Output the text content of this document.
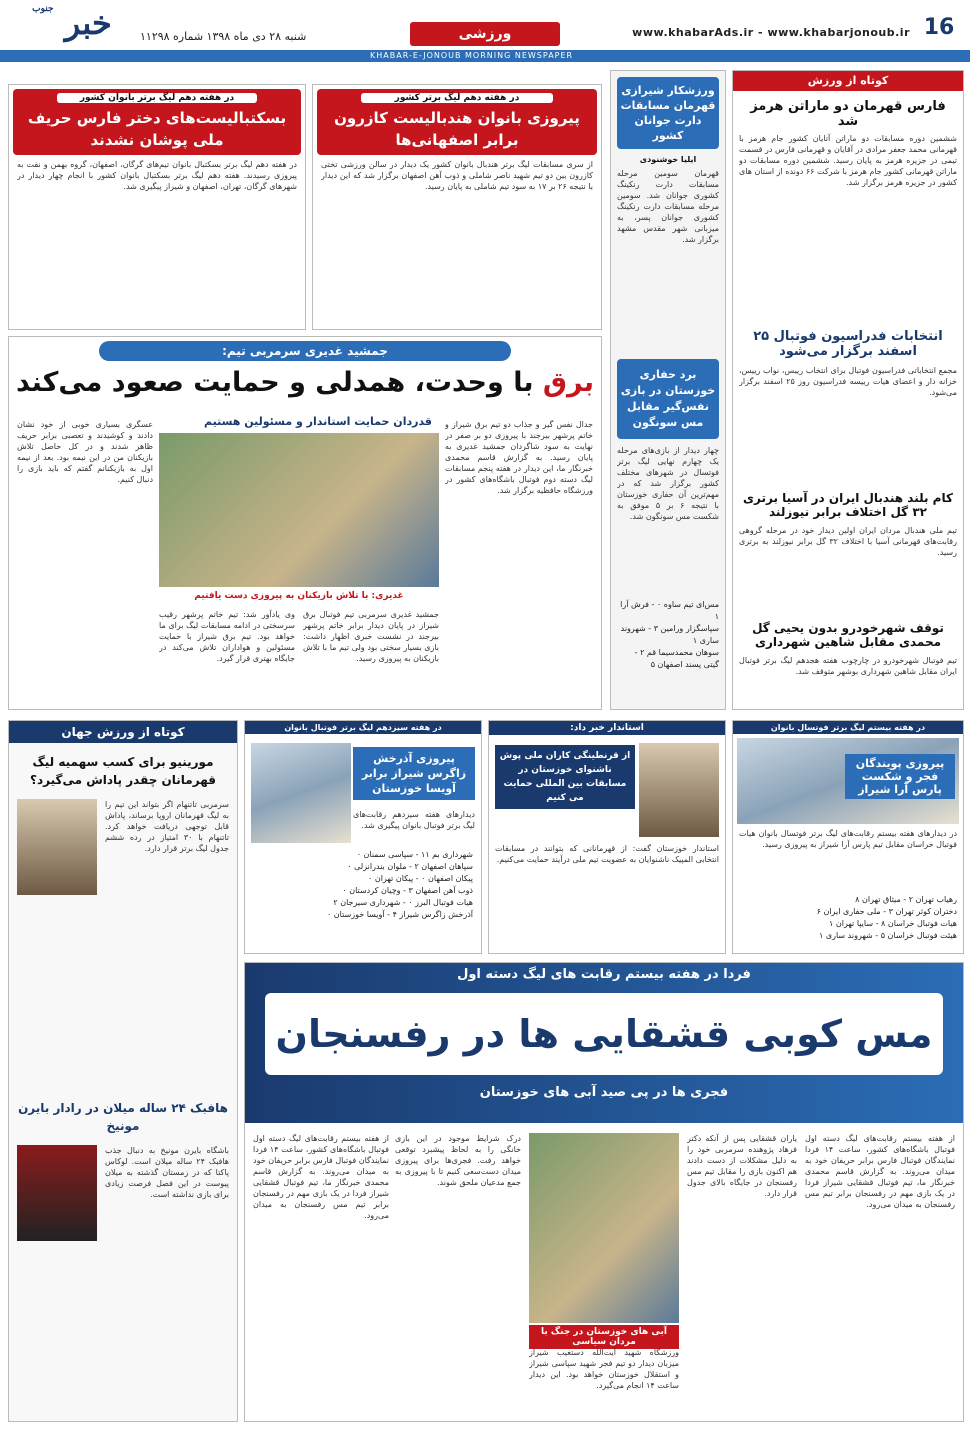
16
www.khabarAds.ir - www.khabarjonoub.ir
ورزشی
خبر $^{جنوب}$
شنبه ۲۸ دی ماه ۱۳۹۸ شماره ۱۱۲۹۸
KHABAR-E-JONOUB MORNING NEWSPAPER
کوتاه از ورزش
فارس قهرمان دو ماراتن هرمز شد
ششمین دوره مسابقات دو ماراتن آتایان کشور جام هرمز با قهرمانی محمد جعفر مرادی در آقایان و قهرمانی فارس در قسمت تیمی در جزیره هرمز به پایان رسید. ششمین دوره مسابقات دو ماراتن قهرمانی کشور جام هرمز با شرکت ۶۶ دونده از استان های کشور در جزیره هرمز برگزار شد.
انتخابات فدراسیون فوتبال ۲۵ اسفند برگزار می‌شود
مجمع انتخاباتی فدراسیون فوتبال برای انتخاب رییس، نواب رییس، خزانه دار و اعضای هیات رییسه فدراسیون روز ۲۵ اسفند برگزار می‌شود.
کام بلند هندبال ایران در آسیا برتری ۳۲ گل اختلاف برابر نیوزلند
تیم ملی هندبال مردان ایران اولین دیدار خود در مرحله گروهی رقابت‌های قهرمانی آسیا با اختلاف ۳۲ گل برابر نیوزلند به برتری رسید.
توقف شهرخودرو بدون یحیی گل محمدی مقابل شاهین شهرداری
تیم فوتبال شهرخودرو در چارچوب هفته هجدهم لیگ برتر فوتبال ایران مقابل شاهین شهرداری بوشهر متوقف شد.
ورزشکار شیرازی قهرمان مسابقات دارت جوانان کشور
ایلیا خوشنودی
قهرمان سومین مرحله مسابقات دارت رنکینگ کشوری جوانان شد. سومین مرحله مسابقات دارت رنکینگ کشوری جوانان پسر، به میزبانی شهر مقدس مشهد برگزار شد.
برد حفاری خوزستان در بازی نفس‌گیر مقابل مس سونگون
چهار دیدار از بازی‌های مرحله یک چهارم نهایی لیگ برتر فوتسال در شهرهای مختلف کشور برگزار شد که در مهم‌ترین آن حفاری خوزستان با نتیجه ۶ بر ۵ موفق به شکست مس سونگون شد.
مس‌ای تیم ساوه ۰ - فرش آرا ۱
سپاسگزار ورامین ۳ - شهروند ساری ۱
سوهان محمدسیما قم ۲ - گیتی پسند اصفهان ۵
در هفته دهم لیگ برتر کشور
پیروزی بانوان هندبالیست کازرون برابر اصفهانی‌ها
از سری مسابقات لیگ برتر هندبال بانوان کشور یک دیدار در سالن ورزشی تختی کازرون بین دو تیم شهید ناصر شاملی و ذوب آهن اصفهان برگزار شد که این دیدار با نتیجه ۲۶ بر ۱۷ به سود تیم شاملی به پایان رسید.
در هفته دهم لیگ برتر بانوان کشور
بسکتبالیست‌های دختر فارس حریف ملی پوشان نشدند
در هفته دهم لیگ برتر بسکتبال بانوان تیم‌های گرگان، اصفهان، گروه بهمن و نفت به پیروزی رسیدند. هفته دهم لیگ برتر بسکتبال بانوان کشور با انجام چهار دیدار در شهرهای گرگان، تهران، اصفهان و شیراز پیگیری شد.
جمشید غدیری سرمربی تیم:
برق با وحدت، همدلی و حمایت صعود می‌کند
قدردان حمایت استاندار و مسئولین هستیم
غدیری: با تلاش بازیکنان به پیروزی دست یافتیم
جدال نفس گیر و جذاب دو تیم برق شیراز و خاتم پرشهر بیرجند با پیروزی دو بر صفر در نهایت به سود شاگردان جمشید غدیری به پایان رسید. به گزارش قاسم محمدی خبرنگار ما، این دیدار در هفته پنجم مسابقات لیگ دسته دوم فوتبال باشگاه‌های کشور در ورزشگاه حافظیه برگزار شد.
عسگری بسیاری خوبی از خود نشان دادند و کوشیدند و تعصبی برابر حریف ظاهر شدند و در کل حاصل تلاش بازیکنان من در این نیمه بود. بعد از نیمه اول به بازیکنانم گفتم که باید بازی را دنبال کنیم.
وی یادآور شد: تیم خاتم پرشهر رقیب سرسختی در ادامه مسابقات لیگ برای ما خواهد بود. تیم برق شیراز با حمایت مسئولین و هواداران تلاش می‌کند در جایگاه بهتری قرار گیرد.
جمشید غدیری سرمربی تیم فوتبال برق شیراز در پایان دیدار برابر خاتم پرشهر بیرجند در نشست خبری اظهار داشت: بازی بسیار سختی بود ولی تیم ما با تلاش بازیکنان به پیروزی رسید.
کوتاه از ورزش جهان
مورینیو برای کسب سهمیه لیگ قهرمانان چقدر پاداش می‌گیرد؟
سرمربی تاتنهام اگر بتواند این تیم را به لیگ قهرمانان اروپا برساند، پاداش قابل توجهی دریافت خواهد کرد. تاتنهام با ۳۰ امتیاز در رده ششم جدول لیگ برتر قرار دارد.
هافبک ۲۴ ساله میلان در رادار بایرن مونیخ
باشگاه بایرن مونیخ به دنبال جذب هافبک ۲۴ ساله میلان است. لوکاس پاکتا که در زمستان گذشته به میلان پیوست در این فصل فرصت زیادی برای بازی نداشته است.
در هفته بیستم لیگ برتر فوتسال بانوان
پیروزی پویندگان فجر و شکست پارس آرا شیراز
در دیدارهای هفته بیستم رقابت‌های لیگ برتر فوتسال بانوان هیات فوتبال خراسان مقابل تیم پارس آرا شیراز به پیروزی رسید.
رهیاب تهران ۲ - میثاق تهران ۸
دختران کوثر تهران ۳ - ملی حفاری ایران ۶
هیات فوتبال خراسان ۸ - سایپا تهران ۱
هیئت فوتبال خراسان ۵ - شهروند ساری ۱
استاندار خبر داد:
از قرنطینگی کاران ملی پوش ناشنوای خوزستان در مسابقات بین المللی حمایت می کنیم
استاندار خوزستان گفت: از قهرمانانی که بتوانند در مسابقات انتخابی المپیک ناشنوایان به عضویت تیم ملی درآیند حمایت می‌کنیم.
در هفته سیزدهم لیگ برتر فوتبال بانوان
پیروزی آذرخش زاگرس شیراز برابر آویسا خوزستان
دیدارهای هفته سیزدهم رقابت‌های لیگ برتر فوتبال بانوان پیگیری شد.
شهرداری بم ۱۱ - سپاسی سمنان ۰
سپاهان اصفهان ۲ - ملوان بندرانزلی ۰
پیکان اصفهان ۰ - پیکان تهران ۰
ذوب آهن اصفهان ۳ - وچیان کردستان ۰
هیات فوتبال البرز ۰ - شهرداری سیرجان ۲
آذرخش زاگرس شیراز ۴ - آویسا خوزستان ۰
فردا در هفته بیستم رقابت های لیگ دسته اول
مس کوبی قشقایی ها در رفسنجان
فجری ها در پی صید آبی های خوزستان
از هفته بیستم رقابت‌های لیگ دسته اول فوتبال باشگاه‌های کشور، ساعت ۱۴ فردا نمایندگان فوتبال فارس برابر حریفان خود به میدان می‌روند. به گزارش قاسم محمدی خبرنگار ما، تیم فوتبال قشقایی شیراز فردا در یک بازی مهم در رفسنجان برابر تیم مس رفسنجان به میدان می‌رود.
یاران قشقایی پس از آنکه دکتر فرهاد پژوهنده سرمربی خود را به دلیل مشکلات از دست دادند هم اکنون بازی را مقابل تیم مس رفسنجان در جایگاه بالای جدول قرار دارد.
آبی های خوزستان در جنگ با مردان سیاسی
ورزشگاه شهید آیت‌الله دستغیب شیراز میزبان دیدار دو تیم فجر شهید سپاسی شیراز و استقلال خوزستان خواهد بود. این دیدار ساعت ۱۴ انجام می‌گیرد.
درک شرایط موجود در این بازی خانگی را به لحاظ پیشبرد توقعی خواهد رفت. فجری‌ها برای پیروزی میدان دست‌سعی کنیم تا با پیروزی به جمع مدعیان ملحق شوند.
از هفته بیستم رقابت‌های لیگ دسته اول فوتبال باشگاه‌های کشور، ساعت ۱۴ فردا نمایندگان فوتبال فارس برابر حریفان خود به میدان می‌روند. به گزارش قاسم محمدی خبرنگار ما، تیم فوتبال قشقایی شیراز فردا در یک بازی مهم در رفسنجان برابر تیم مس رفسنجان به میدان می‌رود.
